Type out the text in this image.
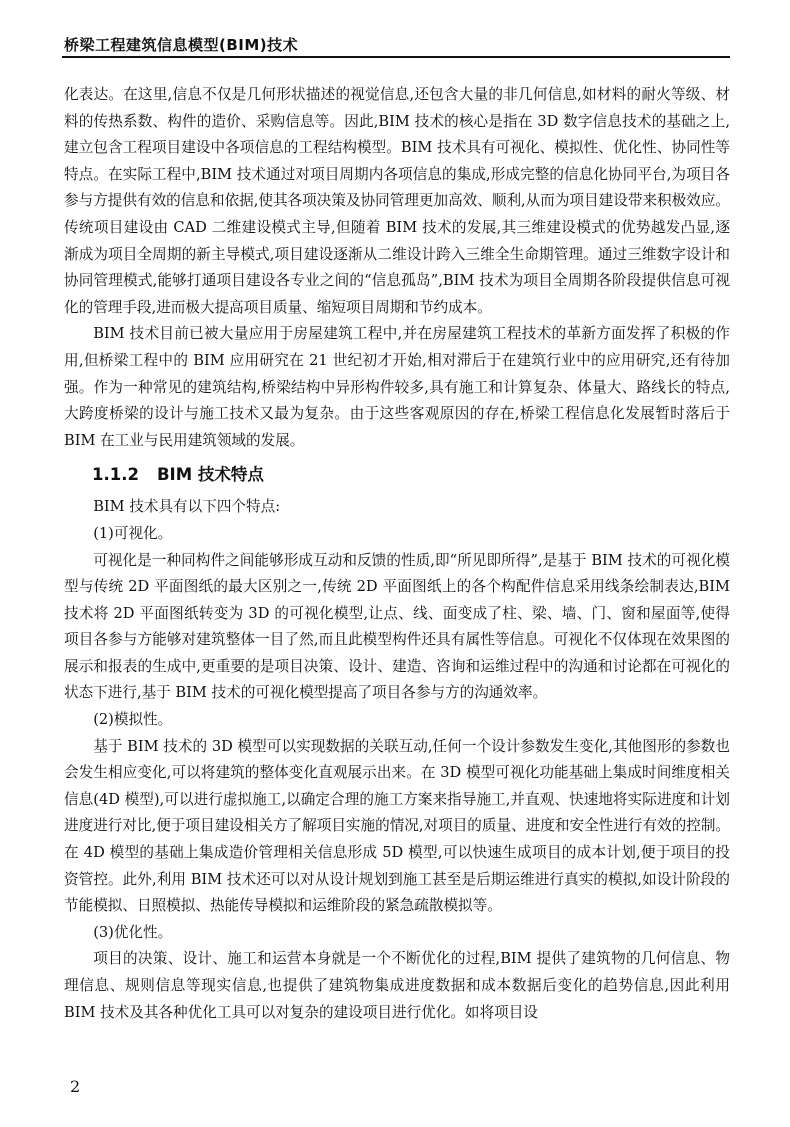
桥梁工程建筑信息模型(BIM)技术

化表达。在这里,信息不仅是几何形状描述的视觉信息,还包含大量的非几何信息,如材料的耐火等级、材料的传热系数、构件的造价、采购信息等。因此,BIM 技术的核心是指在 3D 数字信息技术的基础之上,建立包含工程项目建设中各项信息的工程结构模型。BIM 技术具有可视化、模拟性、优化性、协同性等特点。在实际工程中,BIM 技术通过对项目周期内各项信息的集成,形成完整的信息化协同平台,为项目各参与方提供有效的信息和依据,使其各项决策及协同管理更加高效、顺利,从而为项目建设带来积极效应。传统项目建设由 CAD 二维建设模式主导,但随着 BIM 技术的发展,其三维建设模式的优势越发凸显,逐渐成为项目全周期的新主导模式,项目建设逐渐从二维设计跨入三维全生命期管理。通过三维数字设计和协同管理模式,能够打通项目建设各专业之间的“信息孤岛”,BIM 技术为项目全周期各阶段提供信息可视化的管理手段,进而极大提高项目质量、缩短项目周期和节约成本。

BIM 技术目前已被大量应用于房屋建筑工程中,并在房屋建筑工程技术的革新方面发挥了积极的作用,但桥梁工程中的 BIM 应用研究在 21 世纪初才开始,相对滞后于在建筑行业中的应用研究,还有待加强。作为一种常见的建筑结构,桥梁结构中异形构件较多,具有施工和计算复杂、体量大、路线长的特点,大跨度桥梁的设计与施工技术又最为复杂。由于这些客观原因的存在,桥梁工程信息化发展暂时落后于 BIM 在工业与民用建筑领域的发展。

1.1.2 BIM 技术特点

BIM 技术具有以下四个特点:

(1)可视化。

可视化是一种同构件之间能够形成互动和反馈的性质,即“所见即所得”,是基于 BIM 技术的可视化模型与传统 2D 平面图纸的最大区别之一,传统 2D 平面图纸上的各个构配件信息采用线条绘制表达,BIM 技术将 2D 平面图纸转变为 3D 的可视化模型,让点、线、面变成了柱、梁、墙、门、窗和屋面等,使得项目各参与方能够对建筑整体一目了然,而且此模型构件还具有属性等信息。可视化不仅体现在效果图的展示和报表的生成中,更重要的是项目决策、设计、建造、咨询和运维过程中的沟通和讨论都在可视化的状态下进行,基于 BIM 技术的可视化模型提高了项目各参与方的沟通效率。

(2)模拟性。

基于 BIM 技术的 3D 模型可以实现数据的关联互动,任何一个设计参数发生变化,其他图形的参数也会发生相应变化,可以将建筑的整体变化直观展示出来。在 3D 模型可视化功能基础上集成时间维度相关信息(4D 模型),可以进行虚拟施工,以确定合理的施工方案来指导施工,并直观、快速地将实际进度和计划进度进行对比,便于项目建设相关方了解项目实施的情况,对项目的质量、进度和安全性进行有效的控制。在 4D 模型的基础上集成造价管理相关信息形成 5D 模型,可以快速生成项目的成本计划,便于项目的投资管控。此外,利用 BIM 技术还可以对从设计规划到施工甚至是后期运维进行真实的模拟,如设计阶段的节能模拟、日照模拟、热能传导模拟和运维阶段的紧急疏散模拟等。

(3)优化性。

项目的决策、设计、施工和运营本身就是一个不断优化的过程,BIM 提供了建筑物的几何信息、物理信息、规则信息等现实信息,也提供了建筑物集成进度数据和成本数据后变化的趋势信息,因此利用 BIM 技术及其各种优化工具可以对复杂的建设项目进行优化。如将项目设

2
